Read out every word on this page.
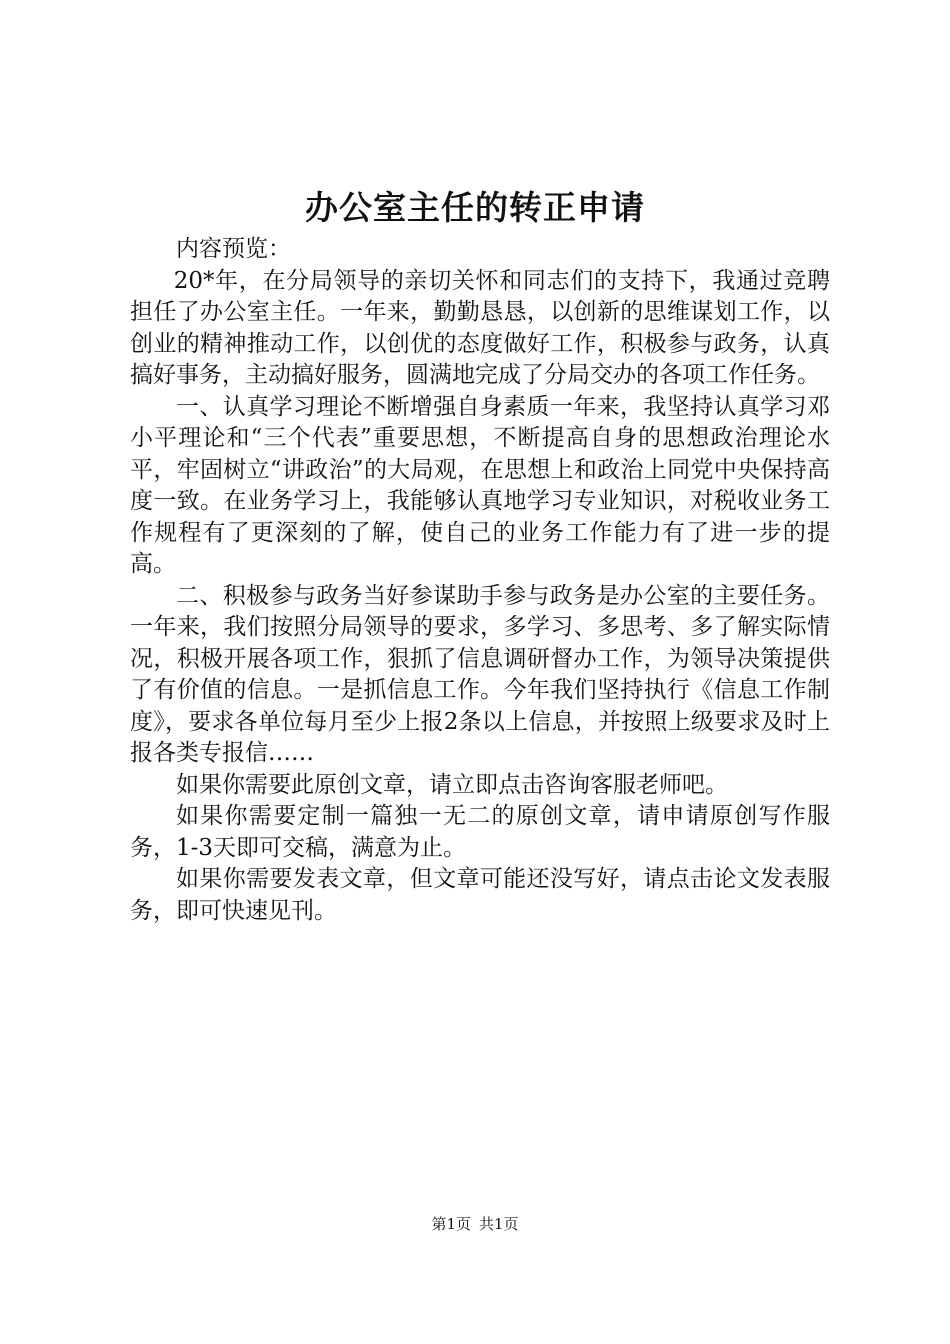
办公室主任的转正申请

内容预览：

20*年，在分局领导的亲切关怀和同志们的支持下，我通过竞聘担任了办公室主任。一年来，勤勤恳恳，以创新的思维谋划工作，以创业的精神推动工作，以创优的态度做好工作，积极参与政务，认真搞好事务，主动搞好服务，圆满地完成了分局交办的各项工作任务。

一、认真学习理论不断增强自身素质一年来，我坚持认真学习邓小平理论和“三个代表”重要思想，不断提高自身的思想政治理论水平，牢固树立“讲政治”的大局观，在思想上和政治上同党中央保持高度一致。在业务学习上，我能够认真地学习专业知识，对税收业务工作规程有了更深刻的了解，使自己的业务工作能力有了进一步的提高。

二、积极参与政务当好参谋助手参与政务是办公室的主要任务。一年来，我们按照分局领导的要求，多学习、多思考、多了解实际情况，积极开展各项工作，狠抓了信息调研督办工作，为领导决策提供了有价值的信息。一是抓信息工作。今年我们坚持执行《信息工作制度》，要求各单位每月至少上报2条以上信息，并按照上级要求及时上报各类专报信……

如果你需要此原创文章，请立即点击咨询客服老师吧。

如果你需要定制一篇独一无二的原创文章，请申请原创写作服务，1-3天即可交稿，满意为止。

如果你需要发表文章，但文章可能还没写好，请点击论文发表服务，即可快速见刊。

第1页 共1页
